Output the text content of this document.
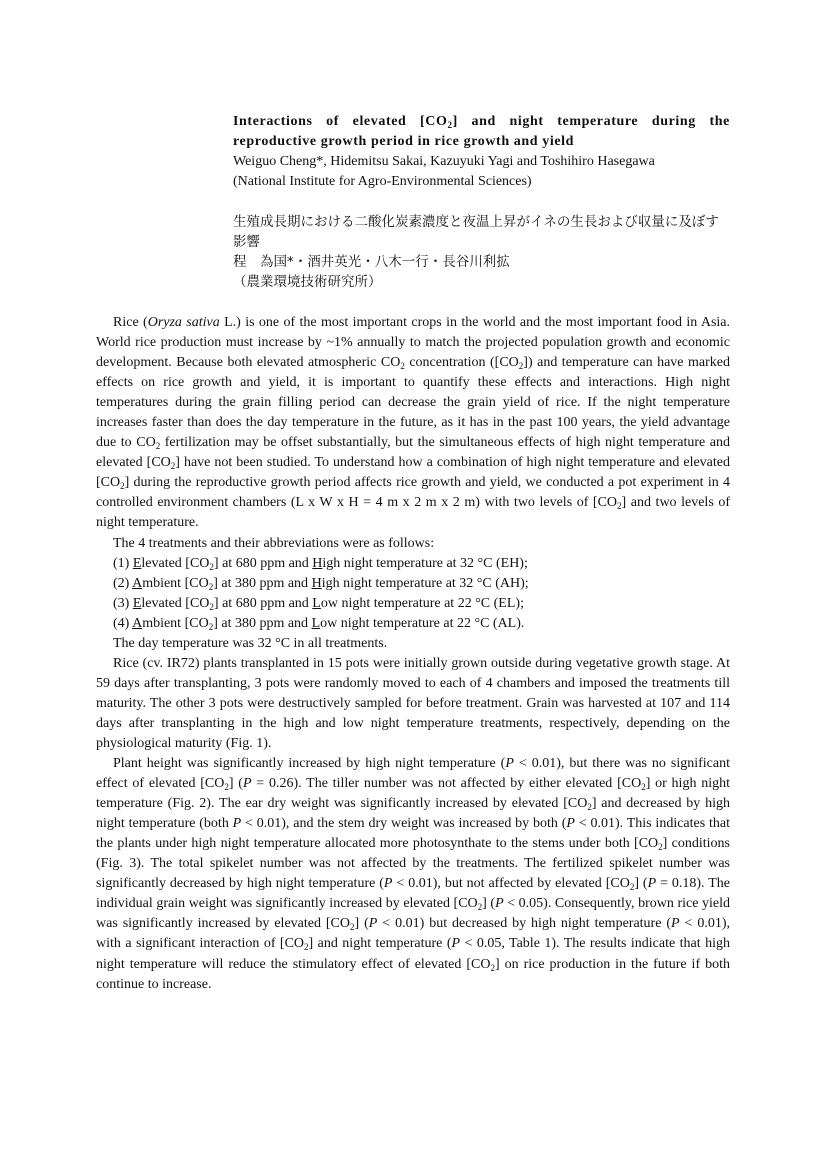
Interactions of elevated $[CO_2]$ and night temperature during the reproductive growth period in rice growth and yield

Weiguo Cheng*, Hidemitsu Sakai, Kazuyuki Yagi and Toshihiro Hasegawa

(National Institute for Agro-Environmental Sciences)

生殖成長期における二酸化炭素濃度と夜温上昇がイネの生長および収量に及ぼす影響

程　為国*・酒井英光・八木一行・長谷川利拡

（農業環境技術研究所）

Rice (Oryza sativa L.) is one of the most important crops in the world and the most important food in Asia. World rice production must increase by ~1% annually to match the projected population growth and economic development. Because both elevated atmospheric $CO_2$ concentration $([CO_2])$ and temperature can have marked effects on rice growth and yield, it is important to quantify these effects and interactions. High night temperatures during the grain filling period can decrease the grain yield of rice. If the night temperature increases faster than does the day temperature in the future, as it has in the past 100 years, the yield advantage due to $CO_2$ fertilization may be offset substantially, but the simultaneous effects of high night temperature and elevated $[CO_2]$ have not been studied. To understand how a combination of high night temperature and elevated $[CO_2]$ during the reproductive growth period affects rice growth and yield, we conducted a pot experiment in 4 controlled environment chambers (L x W x H = 4 m x 2 m x 2 m) with two levels of $[CO_2]$ and two levels of night temperature.

The 4 treatments and their abbreviations were as follows:

(1) Elevated $[CO_2]$ at 680 ppm and High night temperature at 32 °C (EH);

(2) Ambient $[CO_2]$ at 380 ppm and High night temperature at 32 °C (AH);

(3) Elevated $[CO_2]$ at 680 ppm and Low night temperature at 22 °C (EL);

(4) Ambient $[CO_2]$ at 380 ppm and Low night temperature at 22 °C (AL).

The day temperature was 32 °C in all treatments.

Rice (cv. IR72) plants transplanted in 15 pots were initially grown outside during vegetative growth stage. At 59 days after transplanting, 3 pots were randomly moved to each of 4 chambers and imposed the treatments till maturity. The other 3 pots were destructively sampled for before treatment. Grain was harvested at 107 and 114 days after transplanting in the high and low night temperature treatments, respectively, depending on the physiological maturity (Fig. 1).

Plant height was significantly increased by high night temperature (P < 0.01), but there was no significant effect of elevated $[CO_2] (P = 0.26)$. The tiller number was not affected by either elevated $[CO_2]$ or high night temperature (Fig. 2). The ear dry weight was significantly increased by elevated $[CO_2]$ and decreased by high night temperature (both P < 0.01), and the stem dry weight was increased by both (P < 0.01). This indicates that the plants under high night temperature allocated more photosynthate to the stems under both $[CO_2]$ conditions (Fig. 3). The total spikelet number was not affected by the treatments. The fertilized spikelet number was significantly decreased by high night temperature (P < 0.01), but not affected by elevated $[CO_2] (P = 0.18)$. The individual grain weight was significantly increased by elevated $[CO_2] (P < 0.05)$. Consequently, brown rice yield was significantly increased by elevated $[CO_2] (P < 0.01)$ but decreased by high night temperature (P < 0.01), with a significant interaction of $[CO_2]$ and night temperature (P < 0.05, Table 1). The results indicate that high night temperature will reduce the stimulatory effect of elevated $[CO_2]$ on rice production in the future if both continue to increase.
